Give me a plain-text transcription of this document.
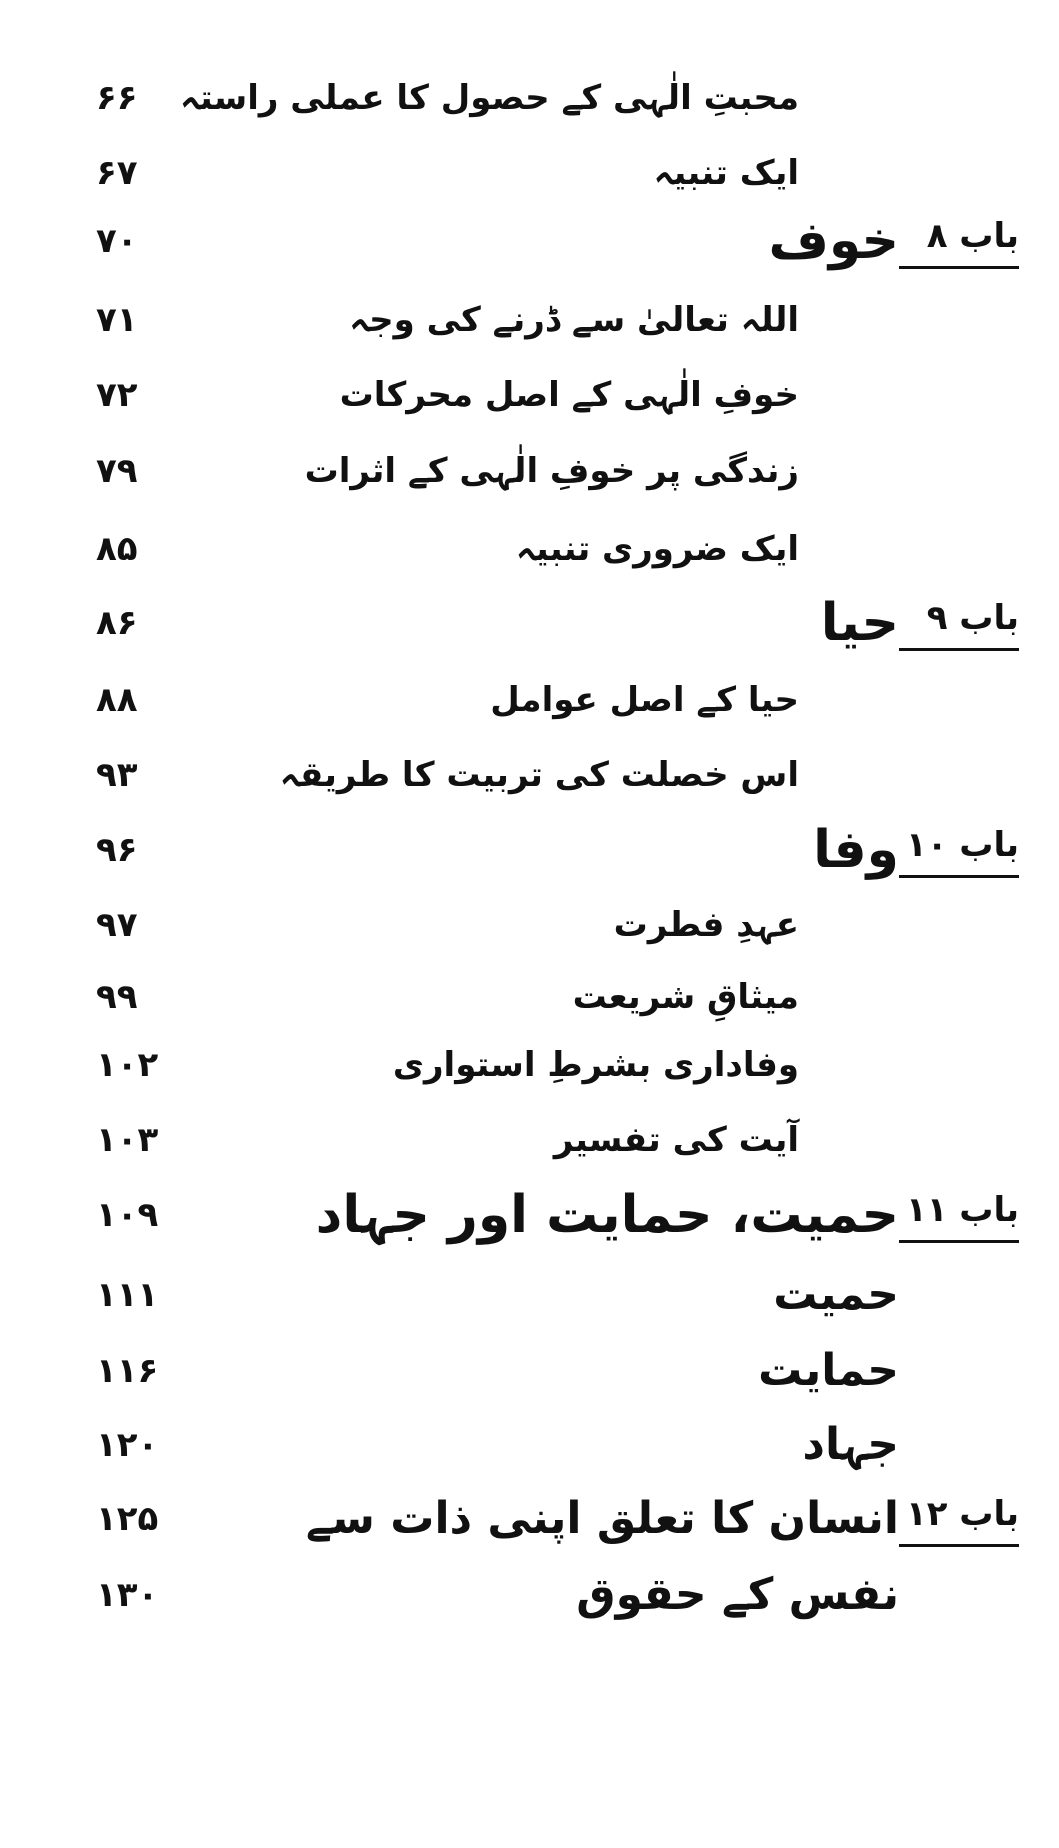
محبتِ الٰہی کے حصول کا عملی راستہ
۶۶
ایک تنبیہ
۶۷
باب ۸
خوف
۷۰
اللہ تعالیٰ سے ڈرنے کی وجہ
۷۱
خوفِ الٰہی کے اصل محرکات
۷۲
زندگی پر خوفِ الٰہی کے اثرات
۷۹
ایک ضروری تنبیہ
۸۵
باب ۹
حیا
۸۶
حیا کے اصل عوامل
۸۸
اس خصلت کی تربیت کا طریقہ
۹۳
باب ۱۰
وفا
۹۶
عہدِ فطرت
۹۷
میثاقِ شریعت
۹۹
وفاداری بشرطِ استواری
۱۰۲
آیت کی تفسیر
۱۰۳
باب ۱۱
حمیت، حمایت اور جہاد
۱۰۹
حمیت
۱۱۱
حمایت
۱۱۶
جہاد
۱۲۰
باب ۱۲
انسان کا تعلق اپنی ذات سے
۱۲۵
نفس کے حقوق
۱۳۰
